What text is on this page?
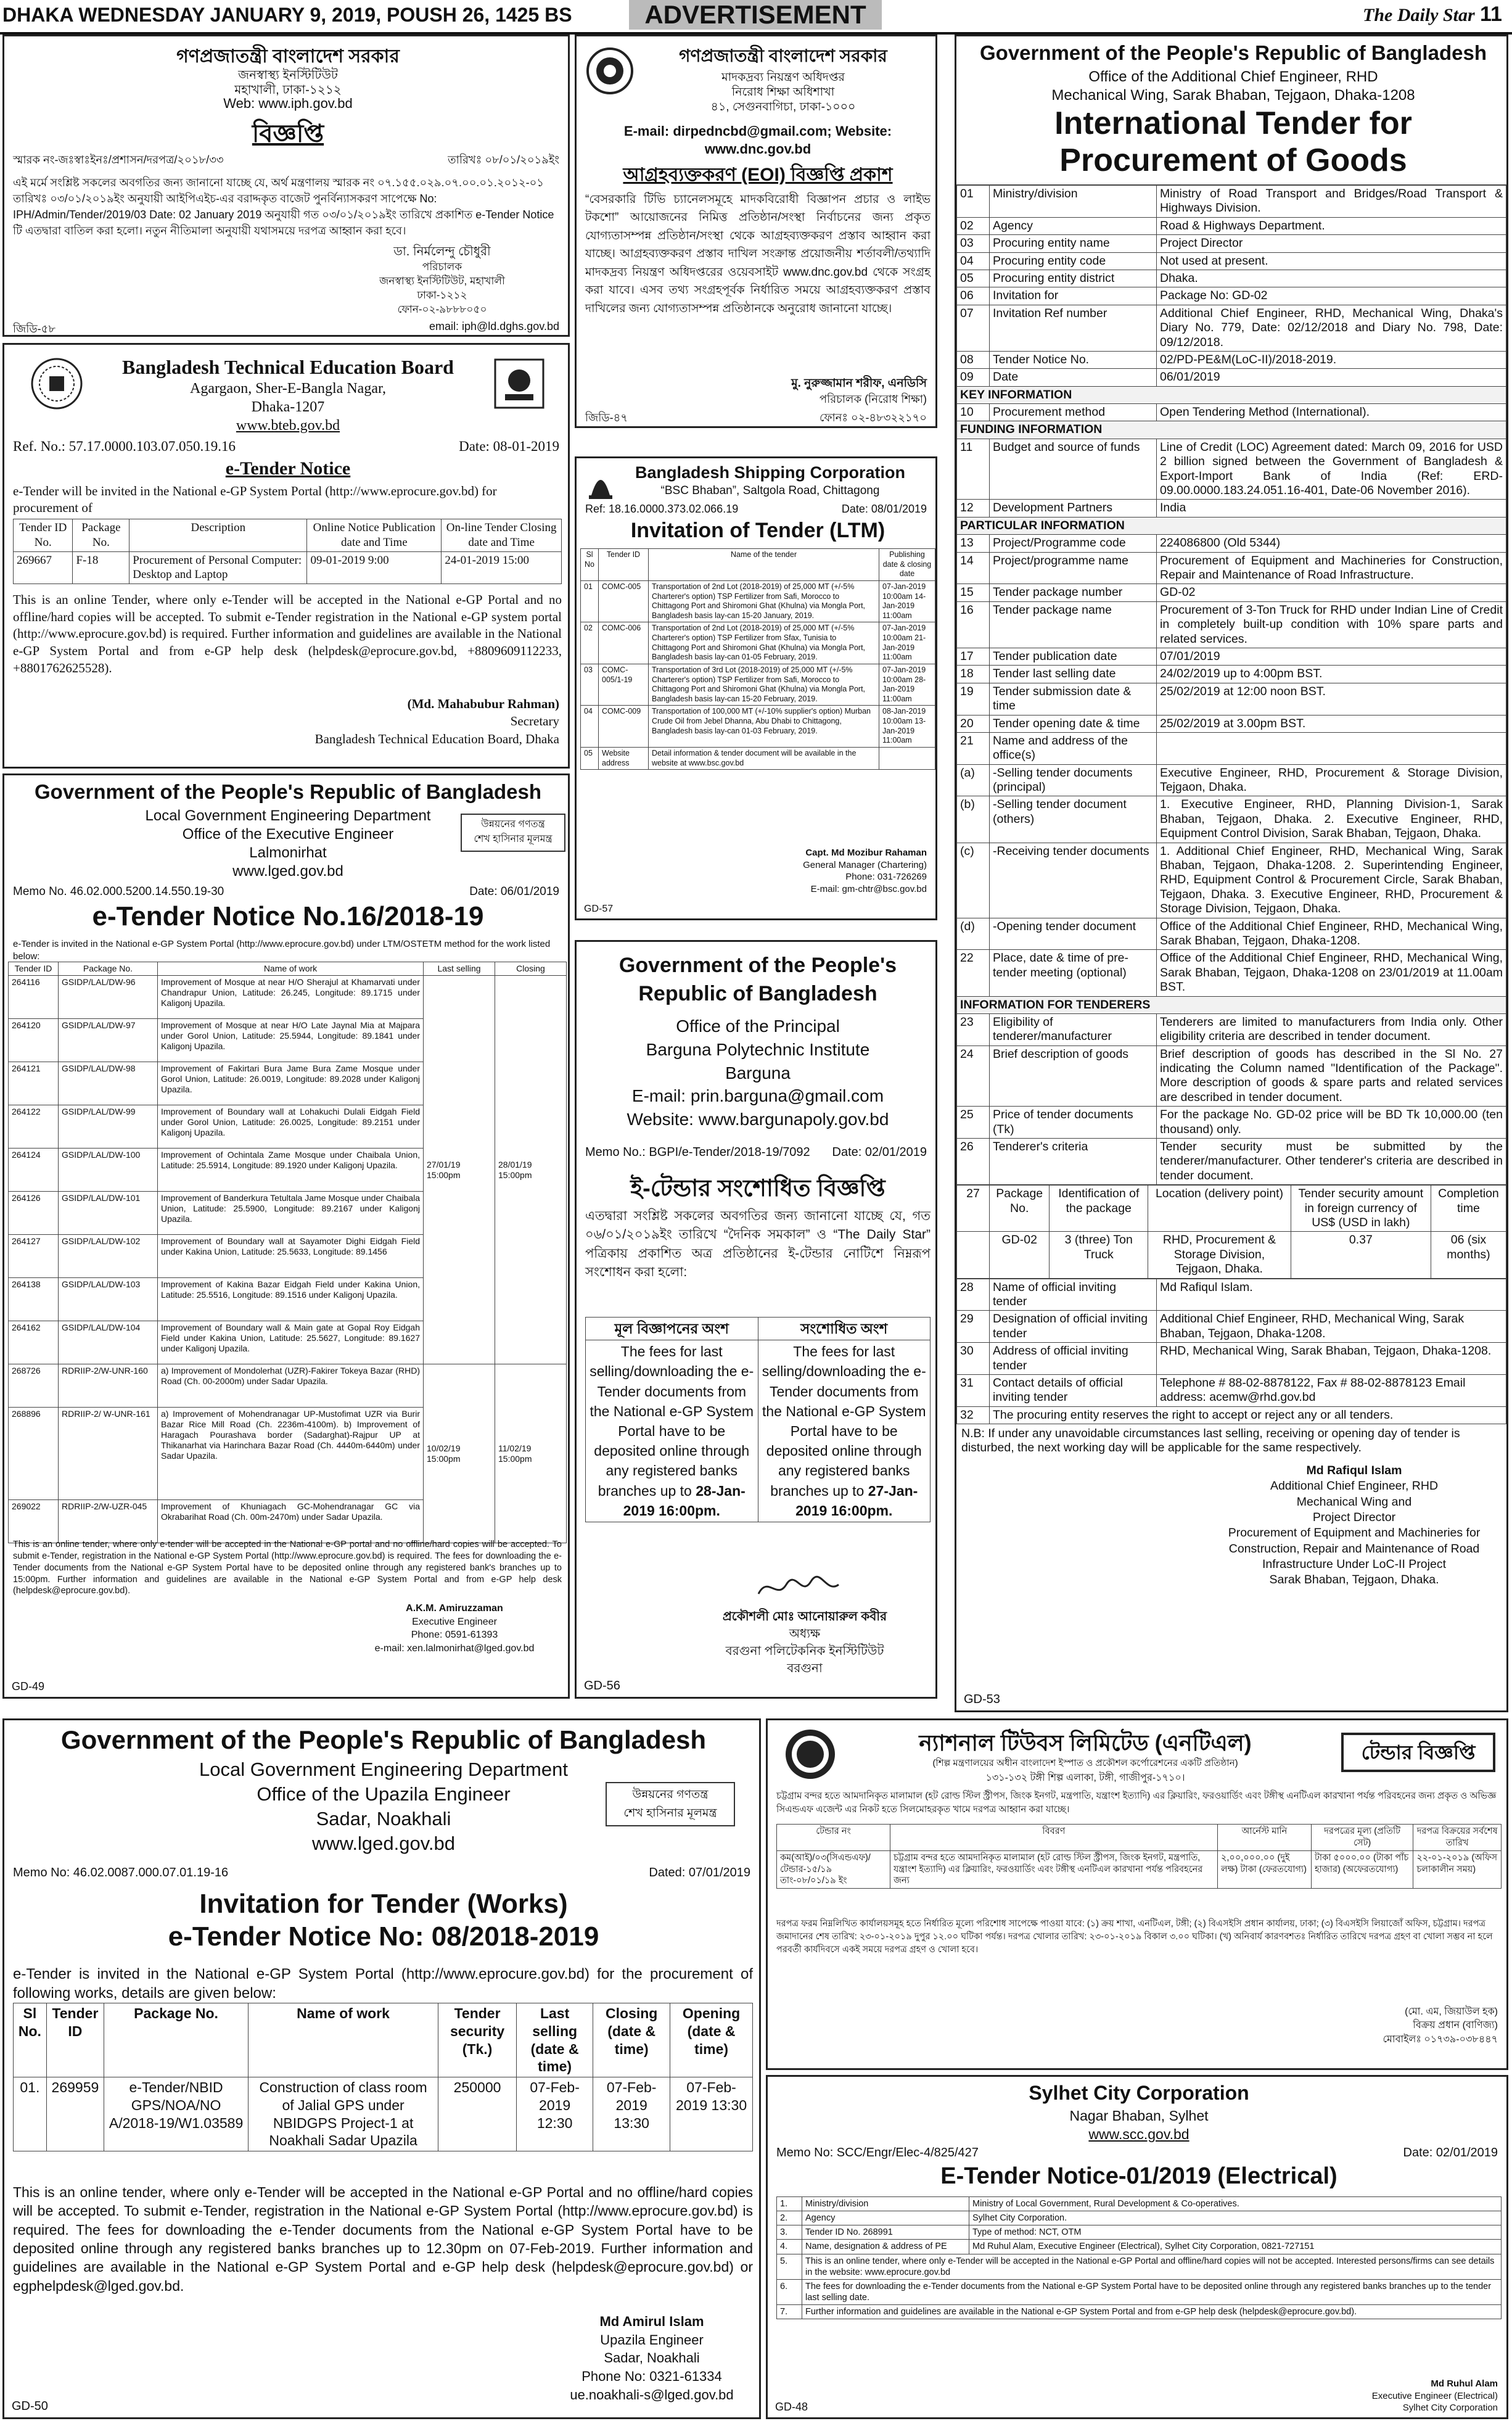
DHAKA WEDNESDAY JANUARY 9, 2019, POUSH 26, 1425 BS	ADVERTISEMENT	The Daily Star 11
গণপ্রজাতন্ত্রী বাংলাদেশ সরকার
জনস্বাস্থ্য ইনস্টিটিউট
মহাখালী, ঢাকা-১২১২
Web: www.iph.gov.bd
বিজ্ঞপ্তি
স্মারক নং-জঃস্বাঃইনঃ/প্রশাসন/দরপত্র/২০১৮/৩৩	তারিখঃ ০৮/০১/২০১৯ইং
এই মর্মে সংশ্লিষ্ট সকলের অবগতির জন্য জানানো যাচ্ছে যে, অর্থ মন্ত্রণালয় স্মারক নং ০৭.১৫৫.০২৯.০৭.০০.০১.২০১২-০১ তারিখঃ ০৩/০১/২০১৯ইং অনুযায়ী আইপিএইচ-এর বরাদ্দকৃত বাজেট পুনর্বিন্যাসকরণ সাপেক্ষে No: IPH/Admin/Tender/2019/03 Date: 02 January 2019 অনুযায়ী গত ০৩/০১/২০১৯ইং তারিখে প্রকাশিত e-Tender Notice টি এতদ্বারা বাতিল করা হলো। নতুন নীতিমালা অনুযায়ী যথাসময়ে দরপত্র আহ্বান করা হবে।
ডা. নির্মলেন্দু চৌধুরী
পরিচালক
জনস্বাস্থ্য ইনস্টিটিউট, মহাখালী
ঢাকা-১২১২
ফোন-০২-৯৮৮৮০৫০
জিডি-৫৮	email: iph@ld.dghs.gov.bd
গণপ্রজাতন্ত্রী বাংলাদেশ সরকার
মাদকদ্রব্য নিয়ন্ত্রণ অধিদপ্তর
নিরোধ শিক্ষা অধিশাখা
৪১, সেগুনবাগিচা, ঢাকা-১০০০
E-mail: dirpedncbd@gmail.com; Website: www.dnc.gov.bd
আগ্রহব্যক্তকরণ (EOI) বিজ্ঞপ্তি প্রকাশ
“বেসরকারি টিভি চ্যানেলসমূহে মাদকবিরোধী বিজ্ঞাপন প্রচার ও লাইভ টকশো” আয়োজনের নিমিত্ত প্রতিষ্ঠান/সংস্থা নির্বাচনের জন্য প্রকৃত যোগ্যতাসম্পন্ন প্রতিষ্ঠান/সংস্থা থেকে আগ্রহব্যক্তকরণ প্রস্তাব আহ্বান করা যাচ্ছে। আগ্রহব্যক্তকরণ প্রস্তাব দাখিল সংক্রান্ত প্রয়োজনীয় শর্তাবলী/তথ্যাদি মাদকদ্রব্য নিয়ন্ত্রণ অধিদপ্তরের ওয়েবসাইট www.dnc.gov.bd থেকে সংগ্রহ করা যাবে। এসব তথ্য সংগ্রহপূর্বক নির্ধারিত সময়ে আগ্রহব্যক্তকরণ প্রস্তাব দাখিলের জন্য যোগ্যতাসম্পন্ন প্রতিষ্ঠানকে অনুরোধ জানানো যাচ্ছে।
মু. নুরুজ্জামান শরীফ, এনডিসি
পরিচালক (নিরোধ শিক্ষা)
জিডি-৪৭	ফোনঃ ০২-৪৮৩২২১৭০
Government of the People's Republic of Bangladesh
Office of the Additional Chief Engineer, RHD
Mechanical Wing, Sarak Bhaban, Tejgaon, Dhaka-1208
International Tender for
Procurement of Goods
01	Ministry/division	Ministry of Road Transport and Bridges/Road Transport & Highways Division.
02	Agency	Road & Highways Department.
03	Procuring entity name	Project Director
04	Procuring entity code	Not used at present.
05	Procuring entity district	Dhaka.
06	Invitation for	Package No: GD-02
07	Invitation Ref number	Additional Chief Engineer, RHD, Mechanical Wing, Dhaka's Diary No. 779, Date: 02/12/2018 and Diary No. 798, Date: 09/12/2018.
08	Tender Notice No.	02/PD-PE&M(LoC-II)/2018-2019.
09	Date	06/01/2019
KEY INFORMATION		
10	Procurement method	Open Tendering Method (International).
FUNDING INFORMATION		
11	Budget and source of funds	Line of Credit (LOC) Agreement dated: March 09, 2016 for USD 2 billion signed between the Government of Bangladesh & Export-Import Bank of India (Ref: ERD-09.00.0000.183.24.051.16-401, Date-06 November 2016).
12	Development Partners	India
PARTICULAR INFORMATION		
13	Project/Programme code	224086800 (Old 5344)
14	Project/programme name	Procurement of Equipment and Machineries for Construction, Repair and Maintenance of Road Infrastructure.
15	Tender package number	GD-02
16	Tender package name	Procurement of 3-Ton Truck for RHD under Indian Line of Credit in completely built-up condition with 10% spare parts and related services.
17	Tender publication date	07/01/2019
18	Tender last selling date	24/02/2019 up to 4:00pm BST.
19	Tender submission date & time	25/02/2019 at 12:00 noon BST.
20	Tender opening date & time	25/02/2019 at 3.00pm BST.
21	Name and address of the office(s)	
(a)	-Selling tender documents (principal)	Executive Engineer, RHD, Procurement & Storage Division, Tejgaon, Dhaka.
(b)	-Selling tender document (others)	1. Executive Engineer, RHD, Planning Division-1, Sarak Bhaban, Tejgaon, Dhaka. 2. Executive Engineer, RHD, Equipment Control Division, Sarak Bhaban, Tejgaon, Dhaka.
(c)	-Receiving tender documents	1. Additional Chief Engineer, RHD, Mechanical Wing, Sarak Bhaban, Tejgaon, Dhaka-1208. 2. Superintending Engineer, RHD, Equipment Control & Procurement Circle, Sarak Bhaban, Tejgaon, Dhaka. 3. Executive Engineer, RHD, Procurement & Storage Division, Tejgaon, Dhaka.
(d)	-Opening tender document	Office of the Additional Chief Engineer, RHD, Mechanical Wing, Sarak Bhaban, Tejgaon, Dhaka-1208.
22	Place, date & time of pre-tender meeting (optional)	Office of the Additional Chief Engineer, RHD, Mechanical Wing, Sarak Bhaban, Tejgaon, Dhaka-1208 on 23/01/2019 at 11.00am BST.
INFORMATION FOR TENDERERS		
23	Eligibility of tenderer/manufacturer	Tenderers are limited to manufacturers from India only. Other eligibility criteria are described in tender document.
24	Brief description of goods	Brief description of goods has described in the Sl No. 27 indicating the Column named "Identification of the Package". More description of goods & spare parts and related services are described in tender document.
25	Price of tender documents (Tk)	For the package No. GD-02 price will be BD Tk 10,000.00 (ten thousand) only.
26	Tenderer's criteria	Tender security must be submitted by the tenderer/manufacturer. Other tenderer's criteria are described in tender document.
27	Package No.	Identification of the package	Location (delivery point)	Tender security amount in foreign currency of US$ (USD in lakh)	Completion time
	GD-02	3 (three) Ton Truck	RHD, Procurement & Storage Division, Tejgaon, Dhaka.	0.37	06 (six months)
28	Name of official inviting tender	Md Rafiqul Islam.
29	Designation of official inviting tender	Additional Chief Engineer, RHD, Mechanical Wing, Sarak Bhaban, Tejgaon, Dhaka-1208.
30	Address of official inviting tender	RHD, Mechanical Wing, Sarak Bhaban, Tejgaon, Dhaka-1208.
31	Contact details of official inviting tender	Telephone # 88-02-8878122, Fax # 88-02-8878123 Email address: acemw@rhd.gov.bd
32	The procuring entity reserves the right to accept or reject any or all tenders.	
N.B: If under any unavoidable circumstances last selling, receiving or opening day of tender is disturbed, the next working day will be applicable for the same respectively.
Md Rafiqul Islam
Additional Chief Engineer, RHD
Mechanical Wing and
Project Director
Procurement of Equipment and Machineries for
Construction, Repair and Maintenance of Road
Infrastructure Under LoC-II Project
Sarak Bhaban, Tejgaon, Dhaka.
GD-53
Bangladesh Technical Education Board
Agargaon, Sher-E-Bangla Nagar,
Dhaka-1207
www.bteb.gov.bd
Ref. No.: 57.17.0000.103.07.050.19.16	Date: 08-01-2019
e-Tender Notice
e-Tender will be invited in the National e-GP System Portal (http://www.eprocure.gov.bd) for procurement of
Tender ID No.	Package No.	Description	Online Notice Publication date and Time	On-line Tender Closing date and Time
269667	F-18	Procurement of Personal Computer: Desktop and Laptop	09-01-2019 9:00	24-01-2019 15:00
This is an online Tender, where only e-Tender will be accepted in the National e-GP Portal and no offline/hard copies will be accepted. To submit e-Tender registration in the National e-GP system portal (http://www.eprocure.gov.bd) is required. Further information and guidelines are available in the National e-GP System Portal and from e-GP help desk (helpdesk@eprocure.gov.bd, +8809609112233, +8801762625528).
(Md. Mahabubur Rahman)
Secretary
Bangladesh Technical Education Board, Dhaka
Bangladesh Shipping Corporation
“BSC Bhaban”, Saltgola Road, Chittagong
Ref: 18.16.0000.373.02.066.19	Date: 08/01/2019
Invitation of Tender (LTM)
Sl No	Tender ID	Name of the tender	Publishing date & closing date
01	COMC-005	Transportation of 2nd Lot (2018-2019) of 25,000 MT (+/-5% Charterer's option) TSP Fertilizer from Safi, Morocco to Chittagong Port and Shiromoni Ghat (Khulna) via Mongla Port, Bangladesh basis lay-can 15-20 January, 2019.	07-Jan-2019 10:00am 14-Jan-2019 11:00am
02	COMC-006	Transportation of 2nd Lot (2018-2019) of 25,000 MT (+/-5% Charterer's option) TSP Fertilizer from Sfax, Tunisia to Chittagong Port and Shiromoni Ghat (Khulna) via Mongla Port, Bangladesh basis lay-can 01-05 February, 2019.	07-Jan-2019 10:00am 21-Jan-2019 11:00am
03	COMC-005/1-19	Transportation of 3rd Lot (2018-2019) of 25,000 MT (+/-5% Charterer's option) TSP Fertilizer from Safi, Morocco to Chittagong Port and Shiromoni Ghat (Khulna) via Mongla Port, Bangladesh basis lay-can 15-20 February, 2019.	07-Jan-2019 10:00am 28-Jan-2019 11:00am
04	COMC-009	Transportation of 100,000 MT (+/-10% supplier's option) Murban Crude Oil from Jebel Dhanna, Abu Dhabi to Chittagong, Bangladesh basis lay-can 01-03 February, 2019.	08-Jan-2019 10:00am 13-Jan-2019 11:00am
05	Website address	Detail information & tender document will be available in the website at www.bsc.gov.bd	
Capt. Md Mozibur Rahaman
General Manager (Chartering)
Phone: 031-726269
E-mail: gm-chtr@bsc.gov.bd
GD-57
Government of the People's Republic of Bangladesh
Local Government Engineering Department
Office of the Executive Engineer
Lalmonirhat
www.lged.gov.bd
উন্নয়নের গণতন্ত্র
শেখ হাসিনার মূলমন্ত্র
Memo No. 46.02.000.5200.14.550.19-30	Date: 06/01/2019
e-Tender Notice No.16/2018-19
e-Tender is invited in the National e-GP System Portal (http://www.eprocure.gov.bd) under LTM/OSTETM method for the work listed below:
Tender ID	Package No.	Name of work	Last selling	Closing
264116	GSIDP/LAL/DW-96	Improvement of Mosque at near H/O Sherajul at Khamarvati under Chandrapur Union, Latitude: 26.245, Longitude: 89.1715 under Kaligonj Upazila.	27/01/19 15:00pm	28/01/19 15:00pm
264120	GSIDP/LAL/DW-97	Improvement of Mosque at near H/O Late Jaynal Mia at Majpara under Gorol Union, Latitude: 25.5944, Longitude: 89.1841 under Kaligonj Upazila.		
264121	GSIDP/LAL/DW-98	Improvement of Fakirtari Bura Jame Bura Zame Mosque under Gorol Union, Latitude: 26.0019, Longitude: 89.2028 under Kaligonj Upazila.		
264122	GSIDP/LAL/DW-99	Improvement of Boundary wall at Lohakuchi Dulali Eidgah Field under Gorol Union, Latitude: 26.0025, Longitude: 89.2151 under Kaligonj Upazila.		
264124	GSIDP/LAL/DW-100	Improvement of Ochintala Zame Mosque under Chaibala Union, Latitude: 25.5914, Longitude: 89.1920 under Kaligonj Upazila.		
264126	GSIDP/LAL/DW-101	Improvement of Banderkura Tetultala Jame Mosque under Chaibala Union, Latitude: 25.5900, Longitude: 89.2167 under Kaligonj Upazila.		
264127	GSIDP/LAL/DW-102	Improvement of Boundary wall at Sayamoter Dighi Eidgah Field under Kakina Union, Latitude: 25.5633, Longitude: 89.1456		
264138	GSIDP/LAL/DW-103	Improvement of Kakina Bazar Eidgah Field under Kakina Union, Latitude: 25.5516, Longitude: 89.1516 under Kaligonj Upazila.		
264162	GSIDP/LAL/DW-104	Improvement of Boundary wall & Main gate at Gopal Roy Eidgah Field under Kakina Union, Latitude: 25.5627, Longitude: 89.1627 under Kaligonj Upazila.		
268726	RDRIIP-2/W-UNR-160	a) Improvement of Mondolerhat (UZR)-Fakirer Tokeya Bazar (RHD) Road (Ch. 00-2000m) under Sadar Upazila.	10/02/19 15:00pm	11/02/19 15:00pm
268896	RDRIIP-2/ W-UNR-161	a) Improvement of Mohendranagar UP-Mustofimat UZR via Burir Bazar Rice Mill Road (Ch. 2236m-4100m). b) Improvement of Haragach Pourashava border (Sadarghat)-Rajpur UP at Thikanarhat via Harinchara Bazar Road (Ch. 4440m-6440m) under Sadar Upazila.		
269022	RDRIIP-2/W-UZR-045	Improvement of Khuniagach GC-Mohendranagar GC via Okrabarihat Road (Ch. 00m-2470m) under Sadar Upazila.		
This is an online tender, where only e-tender will be accepted in the National e-GP portal and no offline/hard copies will be accepted. To submit e-Tender, registration in the National e-GP System Portal (http://www.eprocure.gov.bd) is required. The fees for downloading the e-Tender documents from the National e-GP System Portal have to be deposited online through any registered bank's branches up to 15:00pm. Further information and guidelines are available in the National e-GP System Portal and from e-GP help desk (helpdesk@eprocure.gov.bd).
A.K.M. Amiruzzaman
Executive Engineer
Phone: 0591-61393
e-mail: xen.lalmonirhat@lged.gov.bd
GD-49
Government of the People's
Republic of Bangladesh
Office of the Principal
Barguna Polytechnic Institute
Barguna
E-mail: prin.barguna@gmail.com
Website: www.bargunapoly.gov.bd
Memo No.: BGPI/e-Tender/2018-19/7092 Date: 02/01/2019
ই-টেন্ডার সংশোধিত বিজ্ঞপ্তি
এতদ্বারা সংশ্লিষ্ট সকলের অবগতির জন্য জানানো যাচ্ছে যে, গত ০৬/০১/২০১৯ইং তারিখে “দৈনিক সমকাল” ও “The Daily Star” পত্রিকায় প্রকাশিত অত্র প্রতিষ্ঠানের ই-টেন্ডার নোটিশে নিম্নরূপ সংশোধন করা হলো:
মূল বিজ্ঞাপনের অংশ	সংশোধিত অংশ
The fees for last selling/downloading the e-Tender documents from the National e-GP System Portal have to be deposited online through any registered banks branches up to 28-Jan-2019 16:00pm.	The fees for last selling/downloading the e-Tender documents from the National e-GP System Portal have to be deposited online through any registered banks branches up to 27-Jan-2019 16:00pm.
প্রকৌশলী মোঃ আনোয়ারুল কবীর
অধ্যক্ষ
বরগুনা পলিটেকনিক ইনস্টিটিউট
বরগুনা
GD-56
Government of the People's Republic of Bangladesh
Local Government Engineering Department
Office of the Upazila Engineer
Sadar, Noakhali
www.lged.gov.bd
উন্নয়নের গণতন্ত্র
শেখ হাসিনার মূলমন্ত্র
Memo No: 46.02.0087.000.07.01.19-16	Dated: 07/01/2019
Invitation for Tender (Works)
e-Tender Notice No: 08/2018-2019
e-Tender is invited in the National e-GP System Portal (http://www.eprocure.gov.bd) for the procurement of following works, details are given below:
Sl No.	Tender ID	Package No.	Name of work	Tender security (Tk.)	Last selling (date & time)	Closing (date & time)	Opening (date & time)
01.	269959	e-Tender/NBID GPS/NOA/NO A/2018-19/W1.03589	Construction of class room of Jalial GPS under NBIDGPS Project-1 at Noakhali Sadar Upazila	250000	07-Feb-2019 12:30	07-Feb-2019 13:30	07-Feb-2019 13:30
This is an online tender, where only e-Tender will be accepted in the National e-GP Portal and no offline/hard copies will be accepted. To submit e-Tender, registration in the National e-GP System Portal (http://www.eprocure.gov.bd) is required. The fees for downloading the e-Tender documents from the National e-GP System Portal have to be deposited online through any registered banks branches up to 12.30pm on 07-Feb-2019. Further information and guidelines are available in the National e-GP System Portal and e-GP help desk (helpdesk@eprocure.gov.bd) or egphelpdesk@lged.gov.bd.
Md Amirul Islam
Upazila Engineer
Sadar, Noakhali
Phone No: 0321-61334
ue.noakhali-s@lged.gov.bd
GD-50
ন্যাশনাল টিউবস লিমিটেড (এনটিএল)
(শিল্প মন্ত্রণালয়ের অধীন বাংলাদেশ ইস্পাত ও প্রকৌশল কর্পোরেশনের একটি প্রতিষ্ঠান)
১৩১-১৩২ টঙ্গী শিল্প এলাকা, টঙ্গী, গাজীপুর-১৭১০।
টেন্ডার বিজ্ঞপ্তি
চট্টগ্রাম বন্দর হতে আমদানিকৃত মালামাল (হট রোল্ড স্টিল স্ট্রীপস, জিংক ইনগট, মন্ত্রপাতি, যন্ত্রাংশ ইত্যাদি) এর ক্লিয়ারিং, ফরওয়ার্ডিং এবং টঙ্গীস্থ এনটিএল কারখানা পর্যন্ত পরিবহনের জন্য প্রকৃত ও অভিজ্ঞ সিএন্ডএফ এজেন্ট এর নিকট হতে সিলমোহরকৃত খামে দরপত্র আহ্বান করা যাচ্ছে।
টেন্ডার নং	বিবরণ	আর্নেস্ট মানি	দরপত্রের মূল্য (প্রতিটি সেট)	দরপত্র বিক্রয়ের সর্বশেষ তারিখ
কম(আই)/০৩(সিএন্ডএফ)/ টেন্ডার-১৫/১৯ তাং-০৮/০১/১৯ ইং	চট্টগ্রাম বন্দর হতে আমদানিকৃত মালামাল (হট রোল্ড স্টিল স্ট্রীপস, জিংক ইনগট, মন্ত্রপাতি, যন্ত্রাংশ ইত্যাদি) এর ক্লিয়ারিং, ফরওয়ার্ডিং এবং টঙ্গীস্থ এনটিএল কারখানা পর্যন্ত পরিবহনের জন্য	২,০০,০০০.০০ (দুই লক্ষ) টাকা (ফেরতযোগ্য)	টাকা ৫০০০.০০ (টাকা পাঁচ হাজার) (অফেরতযোগ্য)	২২-০১-২০১৯ (অফিস চলাকালীন সময়)
দরপত্র ফরম নিম্নলিখিত কার্যালয়সমূহ হতে নির্ধারিত মূল্যে পরিশোধ সাপেক্ষে পাওয়া যাবে: (১) ক্রয় শাখা, এনটিএল, টঙ্গী; (২) বিএসইসি প্রধান কার্যালয়, ঢাকা; (৩) বিএসইসি লিয়াজোঁ অফিস, চট্টগ্রাম। দরপত্র জমাদানের শেষ তারিখ: ২৩-০১-২০১৯ দুপুর ১২.০০ ঘটিকা পর্যন্ত। দরপত্র খোলার তারিখ: ২৩-০১-২০১৯ বিকাল ৩.০০ ঘটিকা। (খ) অনিবার্য কারণবশতঃ নির্ধারিত তারিখে দরপত্র গ্রহণ বা খোলা সম্ভব না হলে পরবর্তী কার্যদিবসে একই সময়ে দরপত্র গ্রহণ ও খোলা হবে।
(মো. এম, জিয়াউল হক)
বিক্রয় প্রধান (বাণিজ্য)
মোবাইলঃ ০১৭৩৯-০৩৮৪৪৭
Sylhet City Corporation
Nagar Bhaban, Sylhet
www.scc.gov.bd
Memo No: SCC/Engr/Elec-4/825/427	Date: 02/01/2019
E-Tender Notice-01/2019 (Electrical)
1.	Ministry/division	Ministry of Local Government, Rural Development & Co-operatives.
2.	Agency	Sylhet City Corporation.
3.	Tender ID No. 268991	Type of method: NCT, OTM
4.	Name, designation & address of PE	Md Ruhul Alam, Executive Engineer (Electrical), Sylhet City Corporation, 0821-727151
5.	This is an online tender, where only e-Tender will be accepted in the National e-GP Portal and offline/hard copies will not be accepted. Interested persons/firms can see details in the website: www.eprocure.gov.bd	
6.	The fees for downloading the e-Tender documents from the National e-GP System Portal have to be deposited online through any registered banks branches up to the tender last selling date.	
7.	Further information and guidelines are available in the National e-GP System Portal and from e-GP help desk (helpdesk@eprocure.gov.bd).	
Md Ruhul Alam
Executive Engineer (Electrical)
Sylhet City Corporation
GD-48
